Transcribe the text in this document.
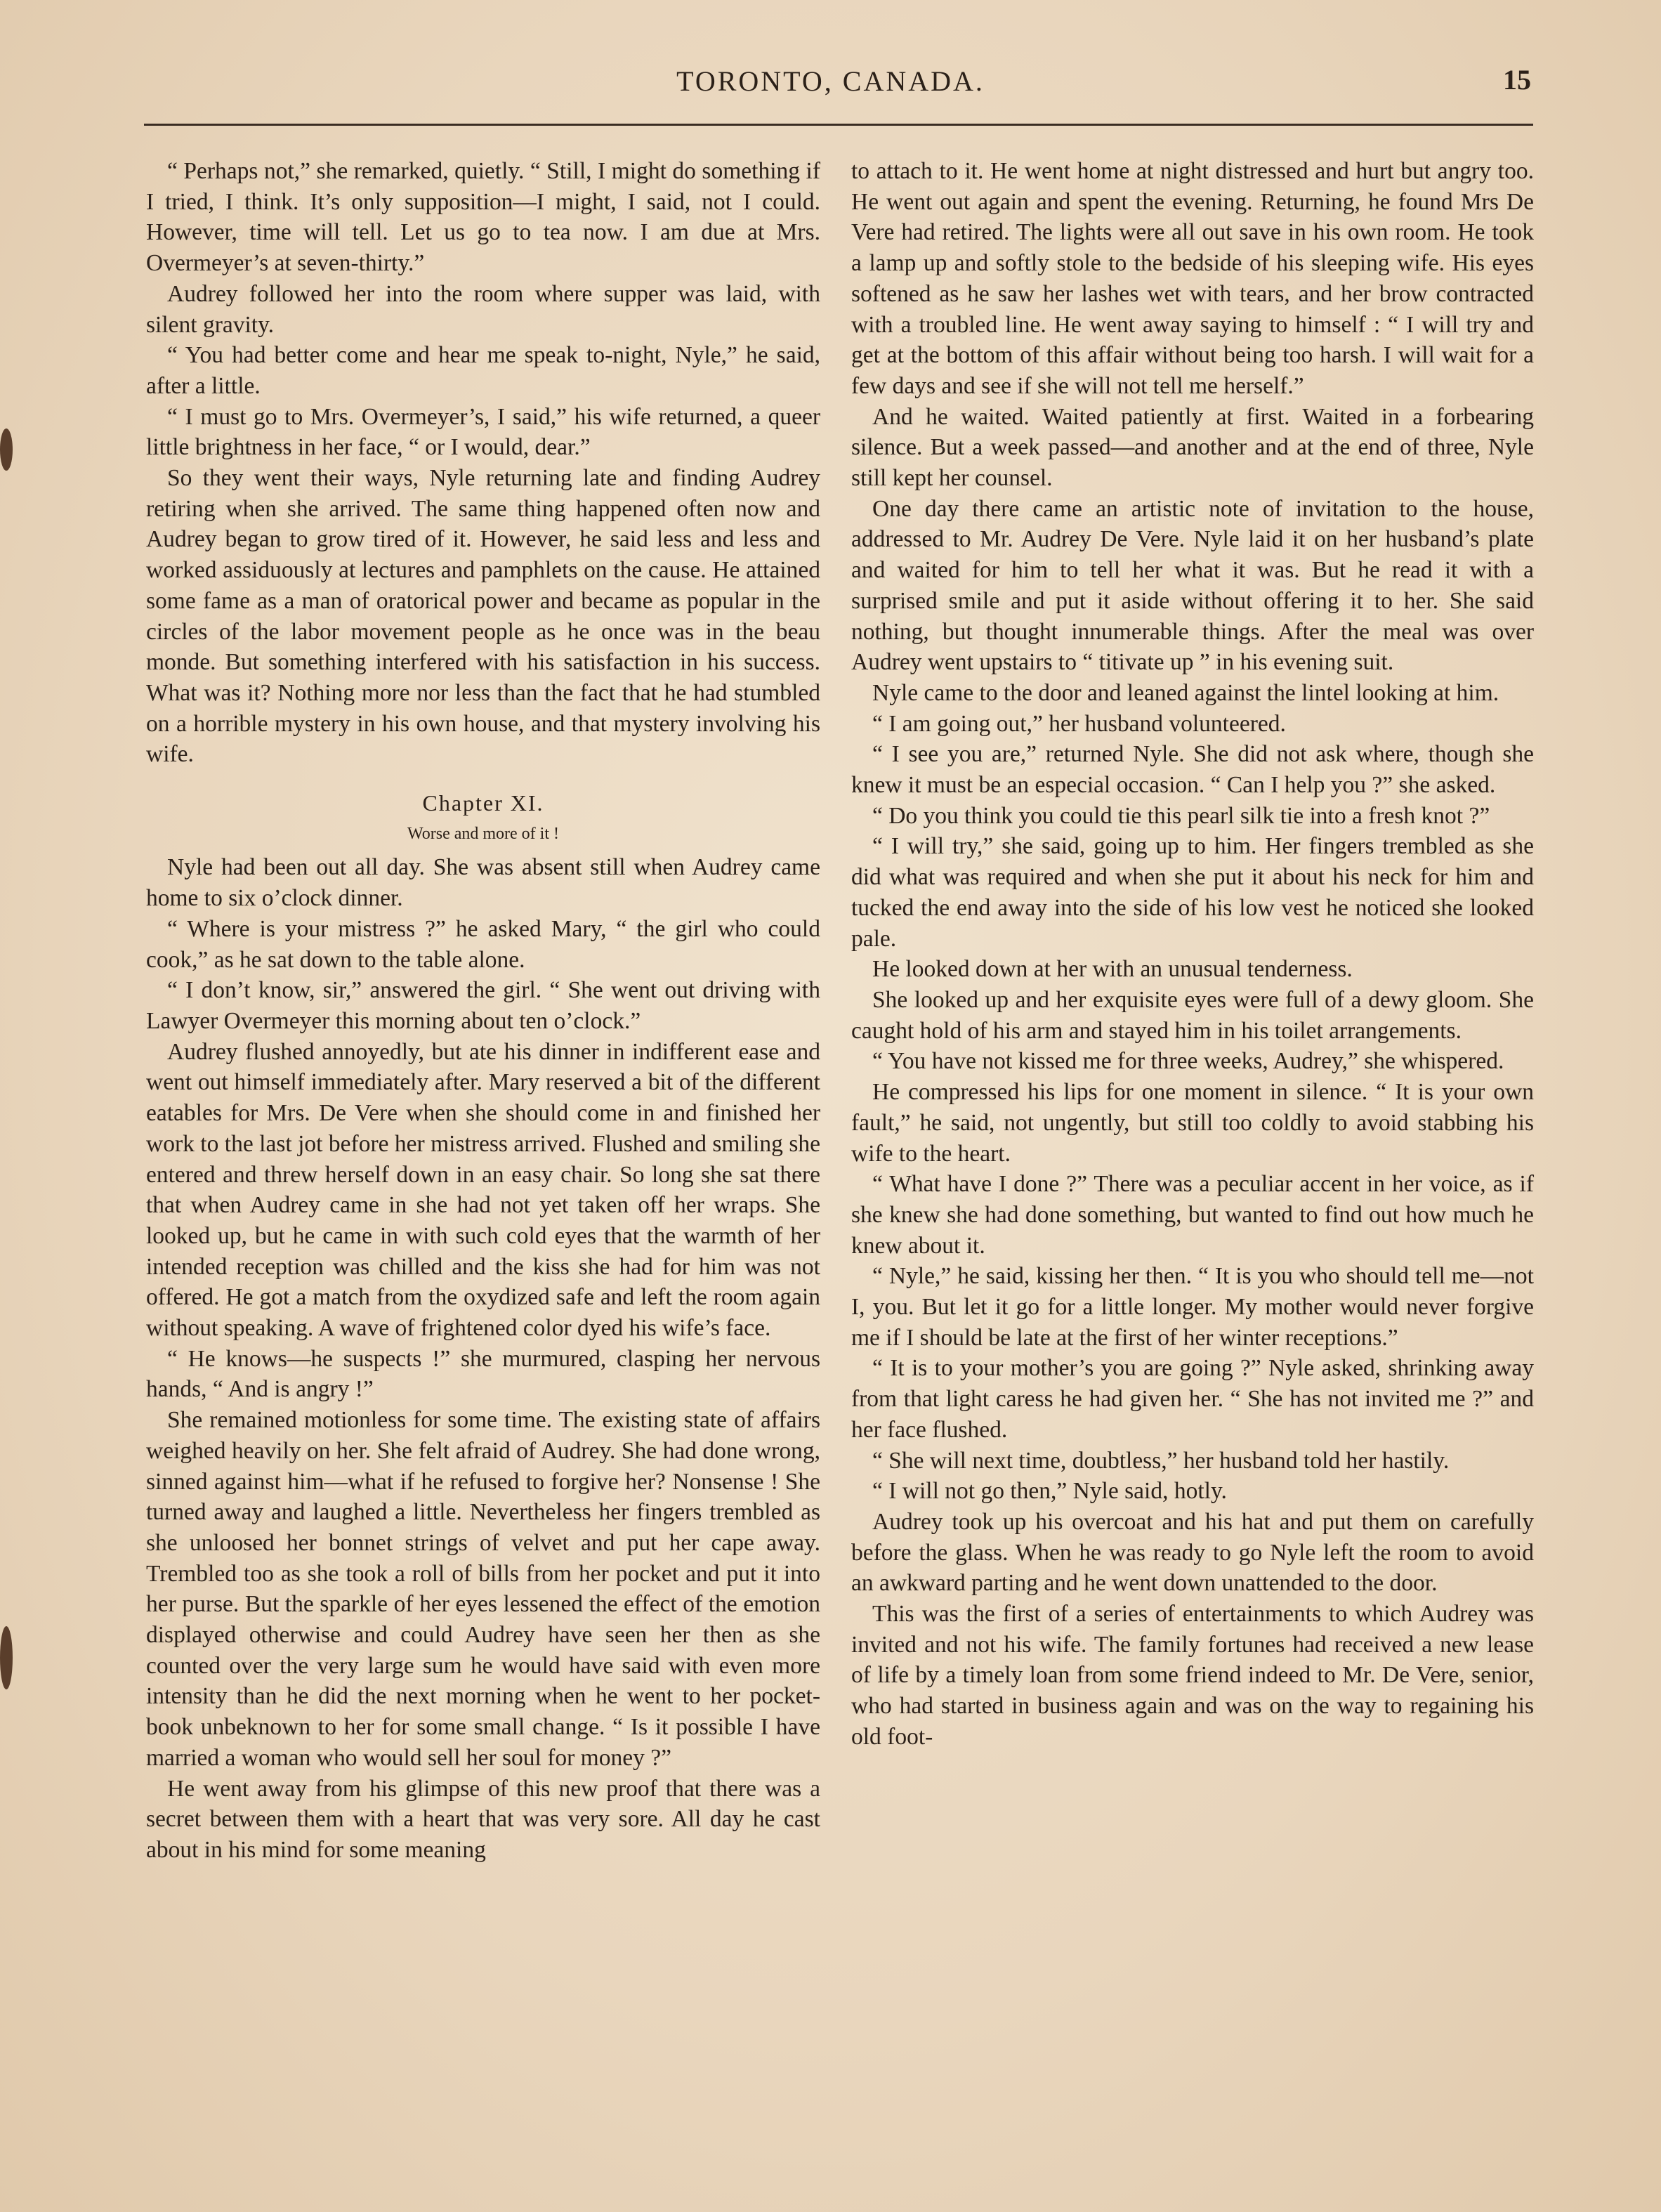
TORONTO, CANADA.	15

“ Perhaps not,” she remarked, quietly. “ Still, I might do something if I tried, I think. It’s only supposition—I might, I said, not I could. However, time will tell. Let us go to tea now. I am due at Mrs. Overmeyer’s at seven-thirty.”

Audrey followed her into the room where supper was laid, with silent gravity.

“ You had better come and hear me speak to-night, Nyle,” he said, after a little.

“ I must go to Mrs. Overmeyer’s, I said,” his wife returned, a queer little brightness in her face, “ or I would, dear.”

So they went their ways, Nyle returning late and finding Audrey retiring when she arrived. The same thing happened often now and Audrey began to grow tired of it. However, he said less and less and worked assiduously at lectures and pamphlets on the cause. He attained some fame as a man of oratorical power and became as popular in the circles of the labor movement people as he once was in the beau monde. But something interfered with his satisfaction in his success. What was it? Nothing more nor less than the fact that he had stumbled on a horrible mystery in his own house, and that mystery involving his wife.

Chapter XI.
Worse and more of it !

Nyle had been out all day. She was absent still when Audrey came home to six o’clock dinner.

“ Where is your mistress ?” he asked Mary, “ the girl who could cook,” as he sat down to the table alone.

“ I don’t know, sir,” answered the girl. “ She went out driving with Lawyer Overmeyer this morning about ten o’clock.”

Audrey flushed annoyedly, but ate his dinner in indifferent ease and went out himself immediately after. Mary reserved a bit of the different eatables for Mrs. De Vere when she should come in and finished her work to the last jot before her mistress arrived. Flushed and smiling she entered and threw herself down in an easy chair. So long she sat there that when Audrey came in she had not yet taken off her wraps. She looked up, but he came in with such cold eyes that the warmth of her intended reception was chilled and the kiss she had for him was not offered. He got a match from the oxydized safe and left the room again without speaking. A wave of frightened color dyed his wife’s face.

“ He knows—he suspects !” she murmured, clasping her nervous hands, “ And is angry !”

She remained motionless for some time. The existing state of affairs weighed heavily on her. She felt afraid of Audrey. She had done wrong, sinned against him—what if he refused to forgive her? Nonsense ! She turned away and laughed a little. Nevertheless her fingers trembled as she unloosed her bonnet strings of velvet and put her cape away. Trembled too as she took a roll of bills from her pocket and put it into her purse. But the sparkle of her eyes lessened the effect of the emotion displayed otherwise and could Audrey have seen her then as she counted over the very large sum he would have said with even more intensity than he did the next morning when he went to her pocket-book unbeknown to her for some small change. “ Is it possible I have married a woman who would sell her soul for money ?”

He went away from his glimpse of this new proof that there was a secret between them with a heart that was very sore. All day he cast about in his mind for some meaning

to attach to it. He went home at night distressed and hurt but angry too. He went out again and spent the evening. Returning, he found Mrs De Vere had retired. The lights were all out save in his own room. He took a lamp up and softly stole to the bedside of his sleeping wife. His eyes softened as he saw her lashes wet with tears, and her brow contracted with a troubled line. He went away saying to himself : “ I will try and get at the bottom of this affair without being too harsh. I will wait for a few days and see if she will not tell me herself.”

And he waited. Waited patiently at first. Waited in a forbearing silence. But a week passed—and another and at the end of three, Nyle still kept her counsel.

One day there came an artistic note of invitation to the house, addressed to Mr. Audrey De Vere. Nyle laid it on her husband’s plate and waited for him to tell her what it was. But he read it with a surprised smile and put it aside without offering it to her. She said nothing, but thought innumerable things. After the meal was over Audrey went upstairs to “ titivate up ” in his evening suit.

Nyle came to the door and leaned against the lintel looking at him.

“ I am going out,” her husband volunteered.

“ I see you are,” returned Nyle. She did not ask where, though she knew it must be an especial occasion. “ Can I help you ?” she asked.

“ Do you think you could tie this pearl silk tie into a fresh knot ?”

“ I will try,” she said, going up to him. Her fingers trembled as she did what was required and when she put it about his neck for him and tucked the end away into the side of his low vest he noticed she looked pale.

He looked down at her with an unusual tenderness.

She looked up and her exquisite eyes were full of a dewy gloom. She caught hold of his arm and stayed him in his toilet arrangements.

“ You have not kissed me for three weeks, Audrey,” she whispered.

He compressed his lips for one moment in silence. “ It is your own fault,” he said, not ungently, but still too coldly to avoid stabbing his wife to the heart.

“ What have I done ?” There was a peculiar accent in her voice, as if she knew she had done something, but wanted to find out how much he knew about it.

“ Nyle,” he said, kissing her then. “ It is you who should tell me—not I, you. But let it go for a little longer. My mother would never forgive me if I should be late at the first of her winter receptions.”

“ It is to your mother’s you are going ?” Nyle asked, shrinking away from that light caress he had given her. “ She has not invited me ?” and her face flushed.

“ She will next time, doubtless,” her husband told her hastily.

“ I will not go then,” Nyle said, hotly.

Audrey took up his overcoat and his hat and put them on carefully before the glass. When he was ready to go Nyle left the room to avoid an awkward parting and he went down unattended to the door.

This was the first of a series of entertainments to which Audrey was invited and not his wife. The family fortunes had received a new lease of life by a timely loan from some friend indeed to Mr. De Vere, senior, who had started in business again and was on the way to regaining his old foot-
